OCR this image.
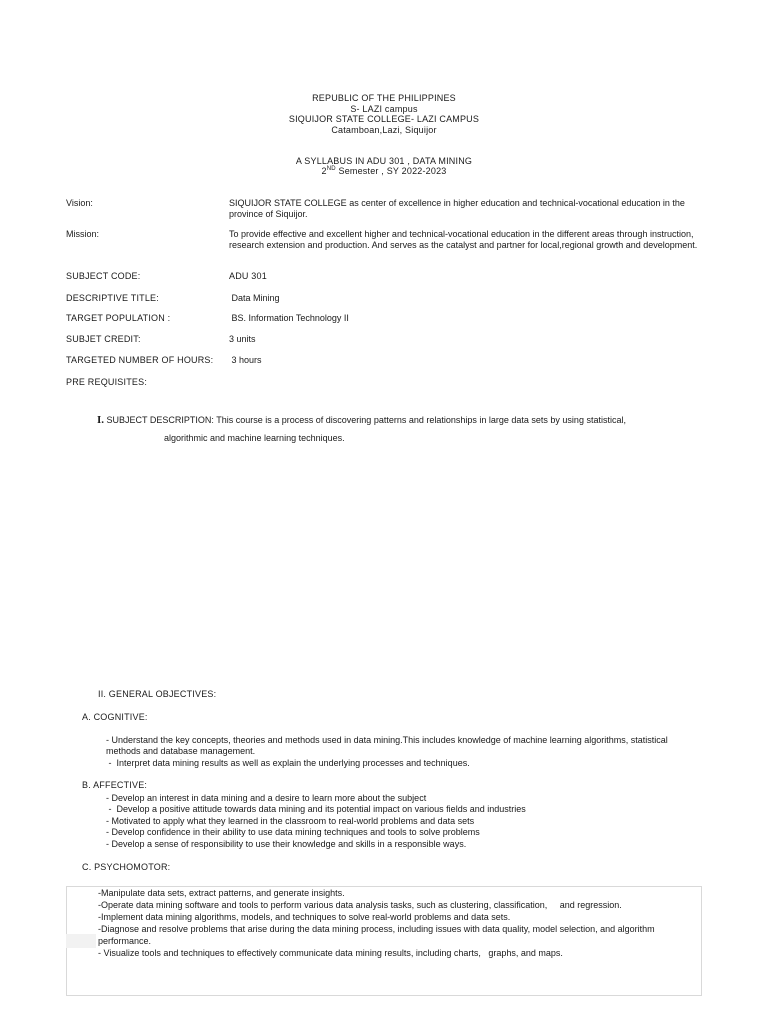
REPUBLIC OF THE PHILIPPINES
S- LAZI campus
SIQUIJOR STATE COLLEGE- LAZI CAMPUS
Catamboan,Lazi, Siquijor
A SYLLABUS IN ADU 301 , DATA MINING
2ND Semester , SY 2022-2023
Vision:	SIQUIJOR STATE COLLEGE as center of excellence in higher education and technical-vocational education in the province of Siquijor.
Mission:	To provide effective and excellent higher and technical-vocational education in the different areas through instruction, research extension and production. And serves as the catalyst and partner for local,regional growth and development.
SUBJECT CODE:	ADU 301
DESCRIPTIVE TITLE:	Data Mining
TARGET POPULATION :	BS. Information Technology II
SUBJET CREDIT:	3 units
TARGETED NUMBER OF HOURS: 3 hours
PRE REQUISITES:
I. SUBJECT DESCRIPTION: This course is a process of discovering patterns and relationships in large data sets by using statistical,
algorithmic and machine learning techniques.
II. GENERAL OBJECTIVES:
A. COGNITIVE:
- Understand the key concepts, theories and methods used in data mining.This includes knowledge of machine learning algorithms, statistical
methods and database management.
-  Interpret data mining results as well as explain the underlying processes and techniques.
B. AFFECTIVE:
- Develop an interest in data mining and a desire to learn more about the subject
-  Develop a positive attitude towards data mining and its potential impact on various fields and industries
- Motivated to apply what they learned in the classroom to real-world problems and data sets
- Develop confidence in their ability to use data mining techniques and tools to solve problems
- Develop a sense of responsibility to use their knowledge and skills in a responsible ways.
C. PSYCHOMOTOR:
-Manipulate data sets, extract patterns, and generate insights.
-Operate data mining software and tools to perform various data analysis tasks, such as clustering, classification,     and regression.
-Implement data mining algorithms, models, and techniques to solve real-world problems and data sets.
-Diagnose and resolve problems that arise during the data mining process, including issues with data quality, model selection, and algorithm
performance.
- Visualize tools and techniques to effectively communicate data mining results, including charts,   graphs, and maps.
